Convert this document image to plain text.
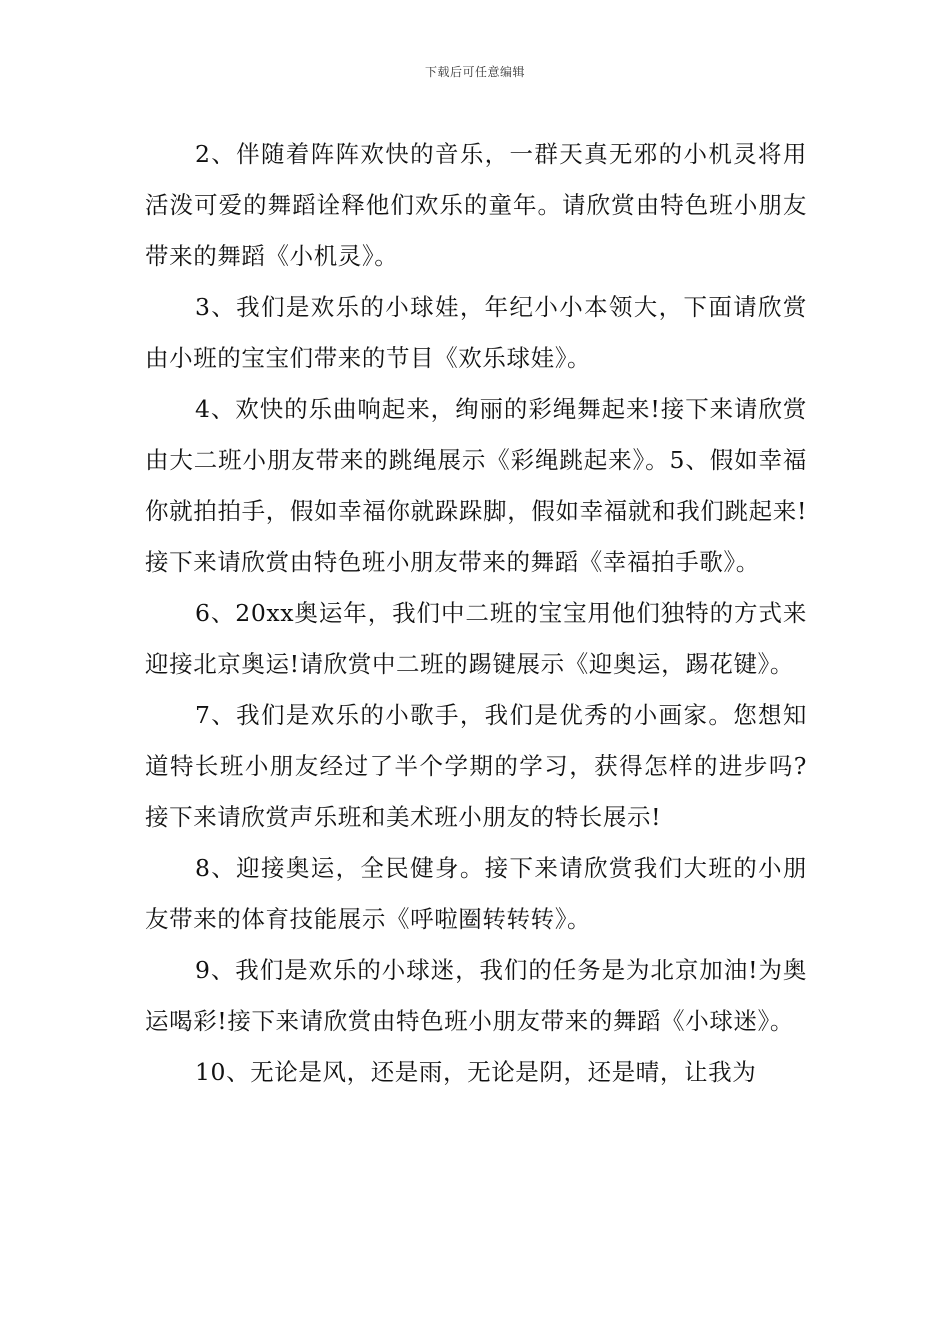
下载后可任意编辑

2、伴随着阵阵欢快的音乐，一群天真无邪的小机灵将用活泼可爱的舞蹈诠释他们欢乐的童年。请欣赏由特色班小朋友带来的舞蹈《小机灵》。

3、我们是欢乐的小球娃，年纪小小本领大，下面请欣赏由小班的宝宝们带来的节目《欢乐球娃》。

4、欢快的乐曲响起来，绚丽的彩绳舞起来!接下来请欣赏由大二班小朋友带来的跳绳展示《彩绳跳起来》。5、假如幸福你就拍拍手，假如幸福你就跺跺脚，假如幸福就和我们跳起来!接下来请欣赏由特色班小朋友带来的舞蹈《幸福拍手歌》。

6、20xx奥运年，我们中二班的宝宝用他们独特的方式来迎接北京奥运!请欣赏中二班的踢键展示《迎奥运，踢花键》。

7、我们是欢乐的小歌手，我们是优秀的小画家。您想知道特长班小朋友经过了半个学期的学习，获得怎样的进步吗?接下来请欣赏声乐班和美术班小朋友的特长展示!

8、迎接奥运，全民健身。接下来请欣赏我们大班的小朋友带来的体育技能展示《呼啦圈转转转》。

9、我们是欢乐的小球迷，我们的任务是为北京加油!为奥运喝彩!接下来请欣赏由特色班小朋友带来的舞蹈《小球迷》。

10、无论是风，还是雨，无论是阴，还是晴，让我为
